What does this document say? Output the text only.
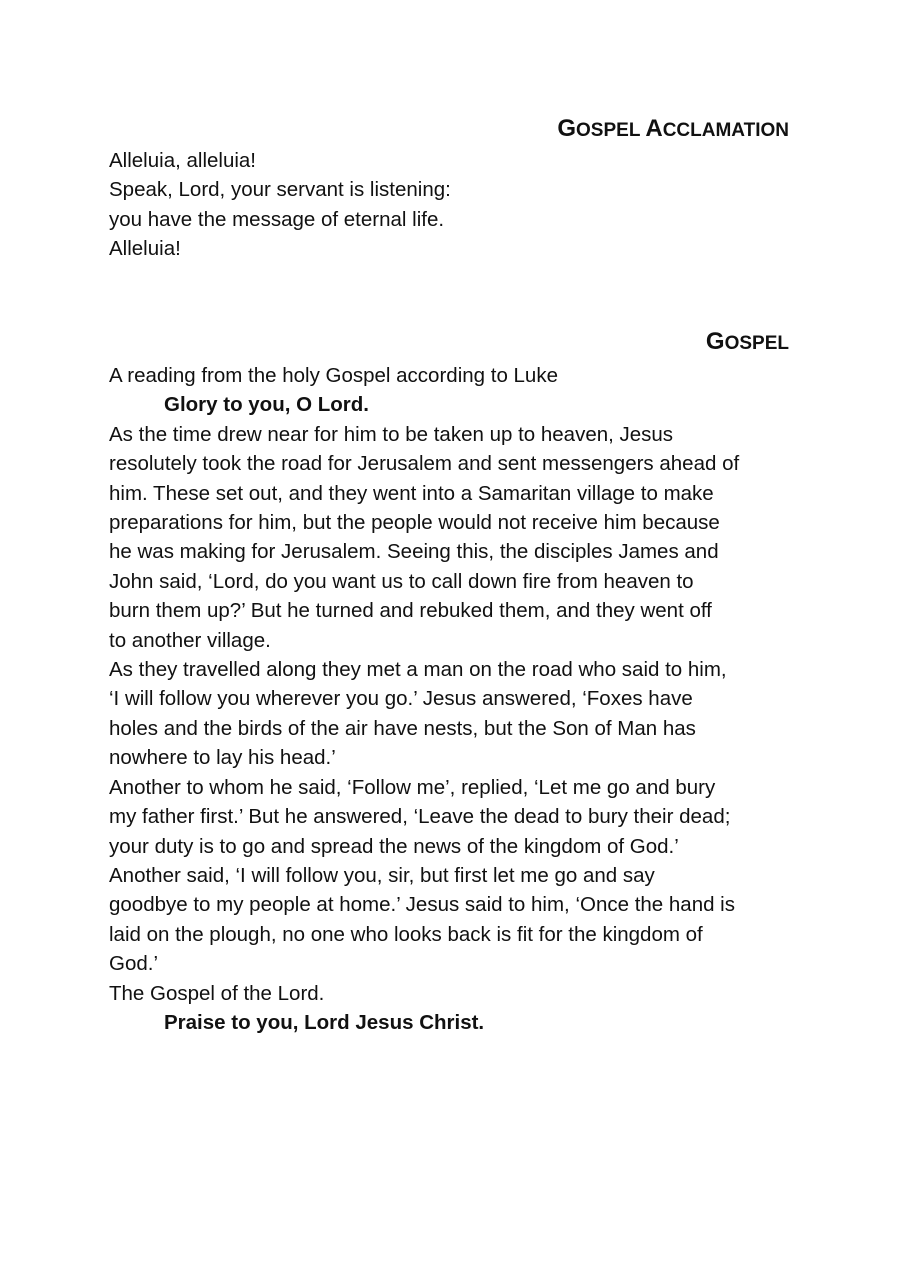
GOSPEL ACCLAMATION
Alleluia, alleluia!
Speak, Lord, your servant is listening:
you have the message of eternal life.
Alleluia!
GOSPEL
A reading from the holy Gospel according to Luke
Glory to you, O Lord.
As the time drew near for him to be taken up to heaven, Jesus
resolutely took the road for Jerusalem and sent messengers ahead of
him. These set out, and they went into a Samaritan village to make
preparations for him, but the people would not receive him because
he was making for Jerusalem. Seeing this, the disciples James and
John said, ‘Lord, do you want us to call down fire from heaven to
burn them up?’ But he turned and rebuked them, and they went off
to another village.
As they travelled along they met a man on the road who said to him,
‘I will follow you wherever you go.’ Jesus answered, ‘Foxes have
holes and the birds of the air have nests, but the Son of Man has
nowhere to lay his head.’
Another to whom he said, ‘Follow me’, replied, ‘Let me go and bury
my father first.’ But he answered, ‘Leave the dead to bury their dead;
your duty is to go and spread the news of the kingdom of God.’
Another said, ‘I will follow you, sir, but first let me go and say
goodbye to my people at home.’ Jesus said to him, ‘Once the hand is
laid on the plough, no one who looks back is fit for the kingdom of
God.’
The Gospel of the Lord.
Praise to you, Lord Jesus Christ.
